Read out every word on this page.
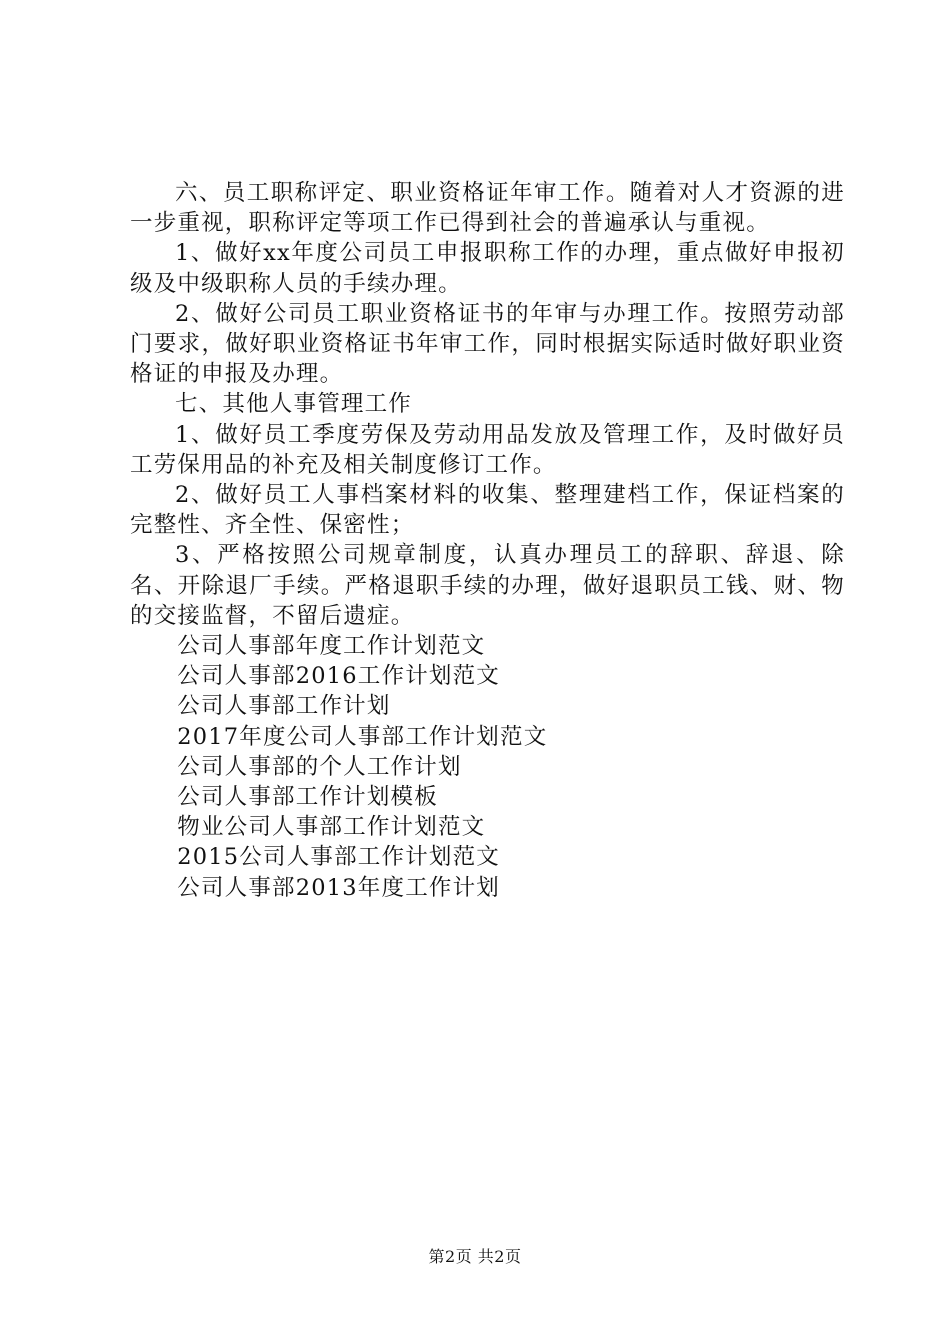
六、员工职称评定、职业资格证年审工作。随着对人才资源的进一步重视，职称评定等项工作已得到社会的普遍承认与重视。

1、做好xx年度公司员工申报职称工作的办理，重点做好申报初级及中级职称人员的手续办理。

2、做好公司员工职业资格证书的年审与办理工作。按照劳动部门要求，做好职业资格证书年审工作，同时根据实际适时做好职业资格证的申报及办理。

七、其他人事管理工作

1、做好员工季度劳保及劳动用品发放及管理工作，及时做好员工劳保用品的补充及相关制度修订工作。

2、做好员工人事档案材料的收集、整理建档工作，保证档案的完整性、齐全性、保密性；

3、严格按照公司规章制度，认真办理员工的辞职、辞退、除名、开除退厂手续。严格退职手续的办理，做好退职员工钱、财、物的交接监督，不留后遗症。

公司人事部年度工作计划范文
公司人事部2016工作计划范文
公司人事部工作计划
2017年度公司人事部工作计划范文
公司人事部的个人工作计划
公司人事部工作计划模板
物业公司人事部工作计划范文
2015公司人事部工作计划范文
公司人事部2013年度工作计划
第2页 共2页
